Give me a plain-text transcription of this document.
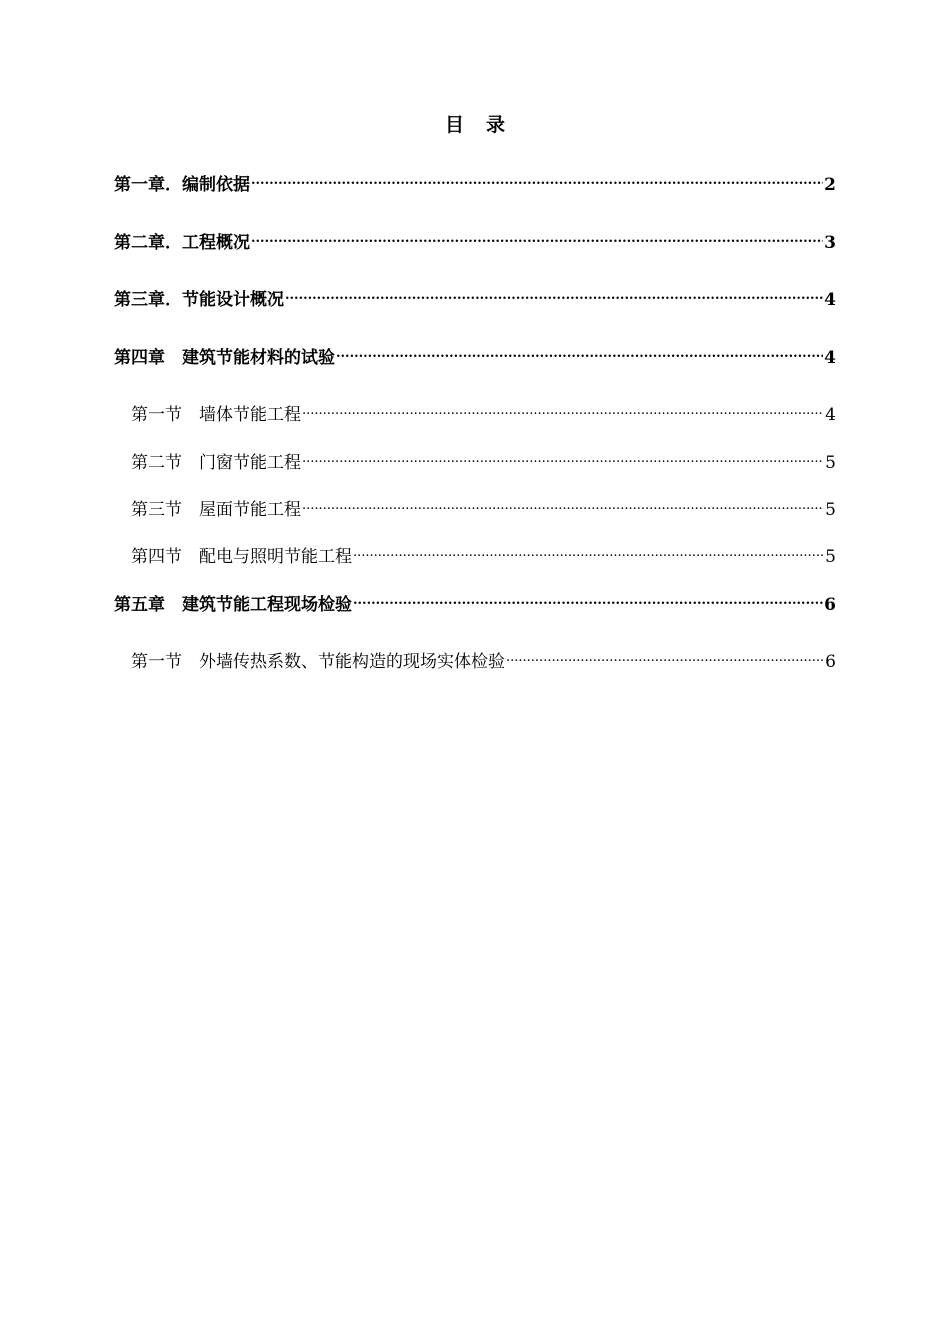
目 录
第一章．编制依据 .....	2
第二章．工程概况 .....	3
第三章．节能设计概况 .....	4
第四章　建筑节能材料的试验 .....	4
第一节　墙体节能工程 .....	4
第二节　门窗节能工程 .....	5
第三节　屋面节能工程 .....	5
第四节　配电与照明节能工程 .....	5
第五章　建筑节能工程现场检验 .....	6
第一节　外墙传热系数、节能构造的现场实体检验 .....	6
